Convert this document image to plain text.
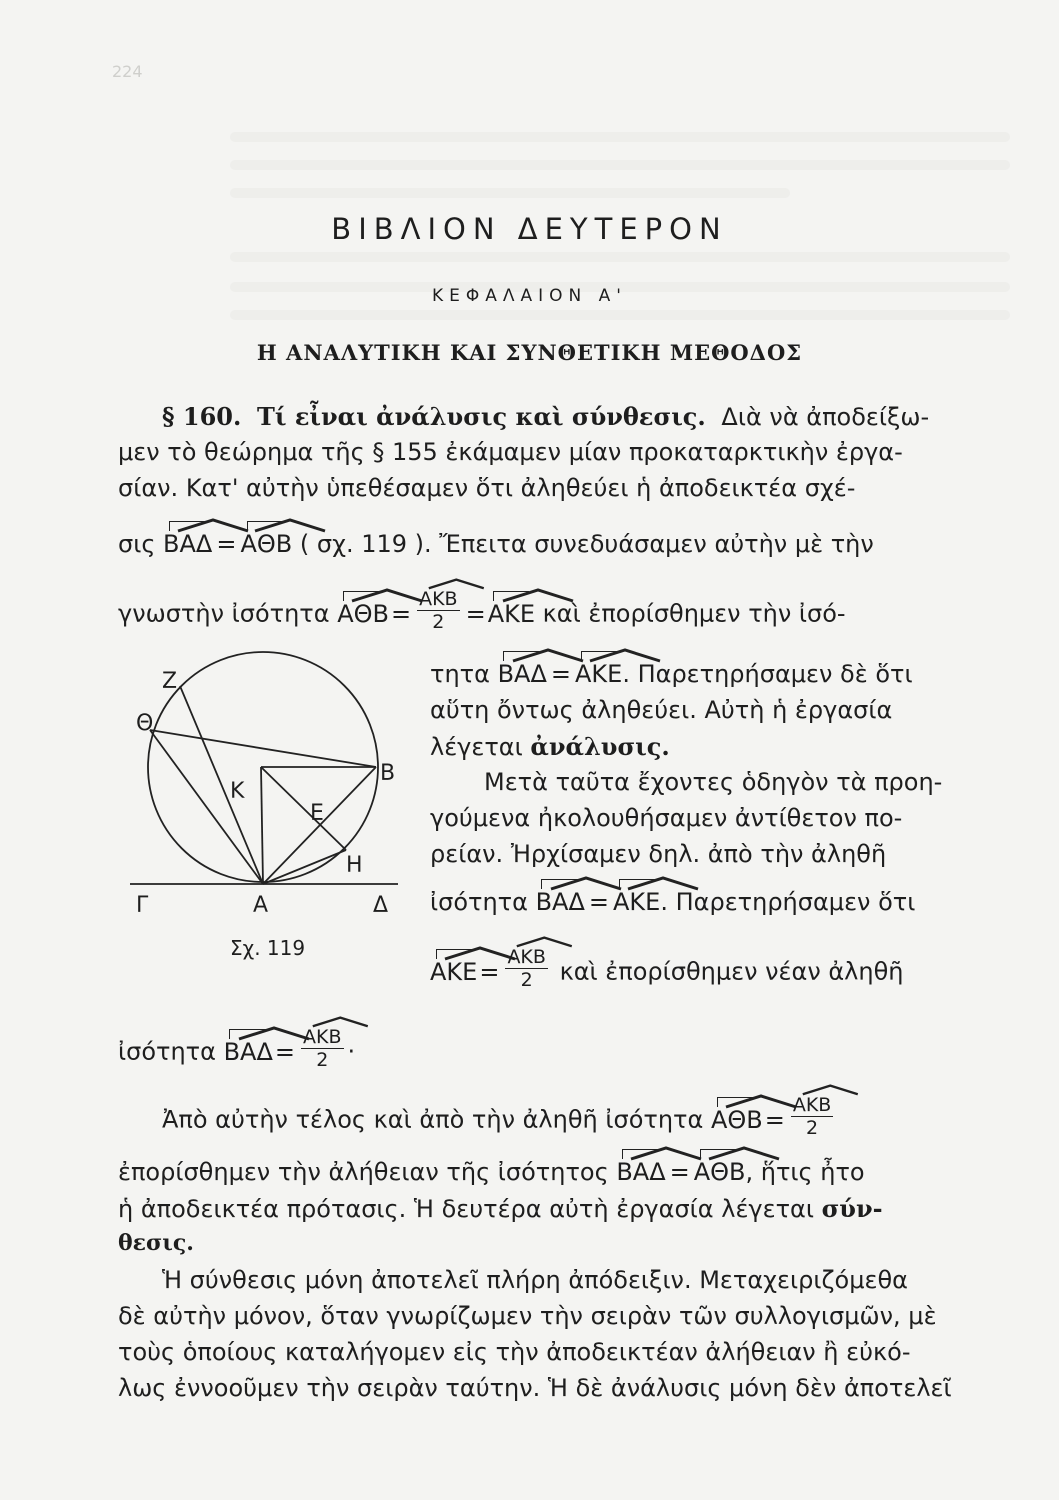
224
ΒΙΒΛΙΟΝ ΔΕΥΤΕΡΟΝ
ΚΕΦΑΛΑΙΟΝ Α'
Η ΑΝΑΛΥΤΙΚΗ ΚΑΙ ΣΥΝΘΕΤΙΚΗ ΜΕΘΟΔΟΣ
§ 160. Τί εἶναι ἀνάλυσις καὶ σύνθεσις. Διὰ νὰ ἀποδείξω-
μεν τὸ θεώρημα τῆς § 155 ἐκάμαμεν μίαν προκαταρκτικὴν ἐργα-
σίαν. Κατ' αὐτὴν ὑπεθέσαμεν ὅτι ἀληθεύει ἡ ἀποδεικτέα σχέ-
σις
ΒΑΔ = ΑΘΒ ( σχ. 119 ). Ἔπειτα συνεδυάσαμεν αὐτὴν μὲ τὴν
γνωστὴν ἰσότητα
$A\Theta B= \frac{\text{ΑΚΒ}}{2}$ =
ΑΚΕ καὶ ἐπορίσθημεν τὴν ἰσό-
τητα
ΒΑΔ = ΑΚΕ. Παρετηρήσαμεν δὲ ὅτι
αὕτη ὄντως ἀληθεύει. Αὐτὴ ἡ ἐργασία
λέγεται ἀνάλυσις.
Μετὰ ταῦτα ἔχοντες ὁδηγὸν τὰ προη-
γούμενα ἠκολουθήσαμεν ἀντίθετον πο-
ρείαν. Ἠρχίσαμεν δηλ. ἀπὸ τὴν ἀληθῆ
ἰσότητα
ΒΑΔ = ΑΚΕ. Παρετηρήσαμεν ὅτι
$AKE= \frac{\text{ΑΚΒ}}{2}$ καὶ ἐπορίσθημεν νέαν ἀληθῆ
ἰσότητα
$BA\Delta= \frac{\text{ΑΚΒ}}{2}$ ·
Ἀπὸ αὐτὴν τέλος καὶ ἀπὸ τὴν ἀληθῆ ἰσότητα
$A\Theta B= \frac{\text{ΑΚΒ}}{2}$
ἐπορίσθημεν τὴν ἀλήθειαν τῆς ἰσότητος
ΒΑΔ = ΑΘΒ, ἥτις ἦτο
ἡ ἀποδεικτέα πρότασις. Ἡ δευτέρα αὐτὴ ἐργασία λέγεται σύν-
θεσις.
Ἡ σύνθεσις μόνη ἀποτελεῖ πλήρη ἀπόδειξιν. Μεταχειριζόμεθα
δὲ αὐτὴν μόνον, ὅταν γνωρίζωμεν τὴν σειρὰν τῶν συλλογισμῶν, μὲ
τοὺς ὁποίους καταλήγομεν εἰς τὴν ἀποδεικτέαν ἀλήθειαν ἢ εὐκό-
λως ἐννοοῦμεν τὴν σειρὰν ταύτην. Ἡ δὲ ἀνάλυσις μόνη δὲν ἀποτελεῖ
Ζ
Θ
Κ
Β
Ε
Η
Γ	Α	Δ
Σχ. 119
